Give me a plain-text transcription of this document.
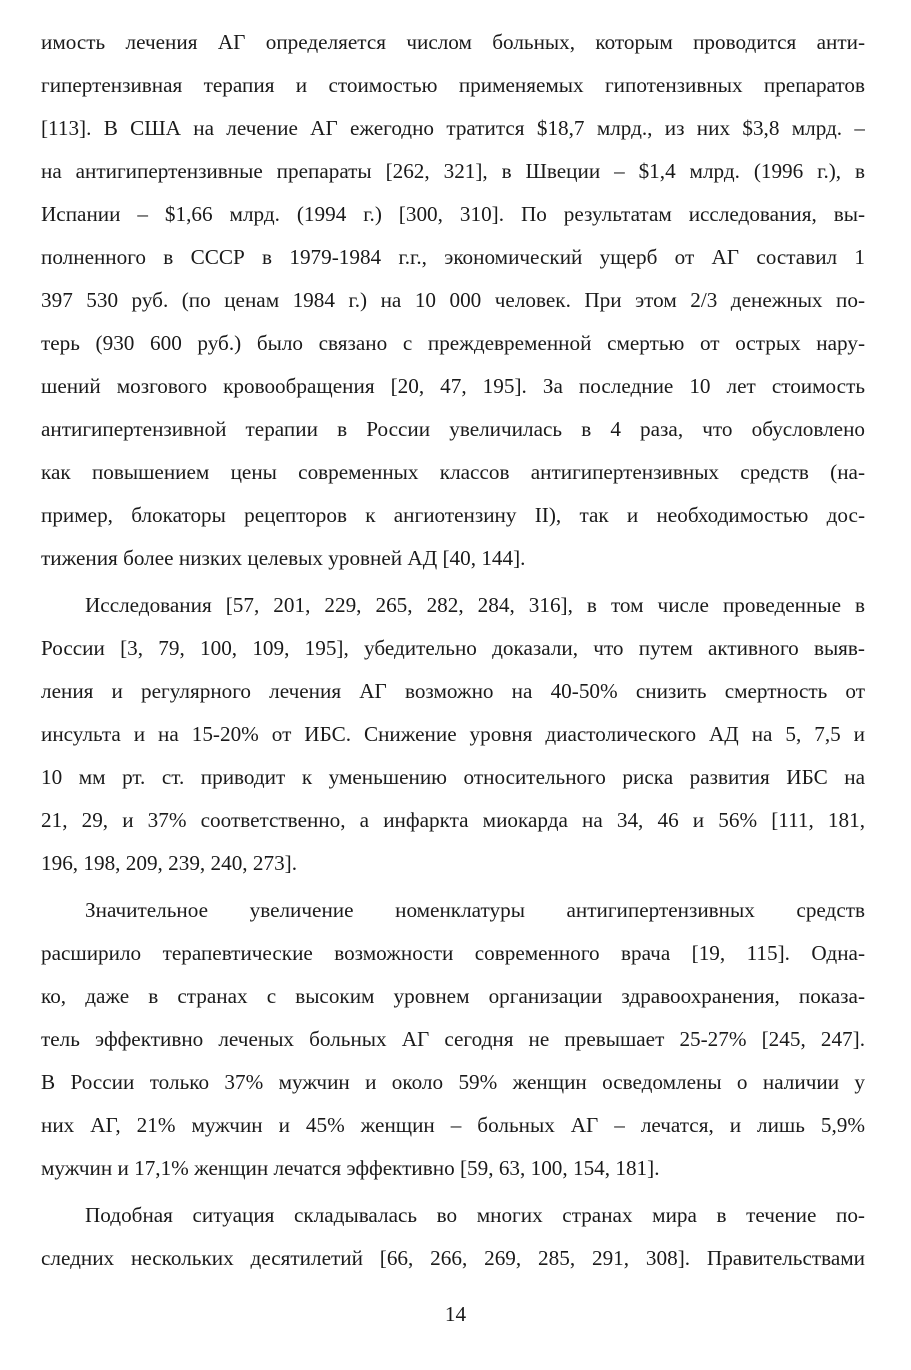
имость лечения АГ определяется числом больных, которым проводится анти-
гипертензивная терапия и стоимостью применяемых гипотензивных препаратов
[113]. В США на лечение АГ ежегодно тратится $18,7 млрд., из них $3,8 млрд. –
на антигипертензивные препараты [262, 321], в Швеции – $1,4 млрд. (1996 г.), в
Испании – $1,66 млрд. (1994 г.) [300, 310]. По результатам исследования, вы-
полненного в СССР в 1979-1984 г.г., экономический ущерб от АГ составил 1
397 530 руб. (по ценам 1984 г.) на 10 000 человек. При этом 2/3 денежных по-
терь (930 600 руб.) было связано с преждевременной смертью от острых нару-
шений мозгового кровообращения [20, 47, 195]. За последние 10 лет стоимость
антигипертензивной терапии в России увеличилась в 4 раза, что обусловлено
как повышением цены современных классов антигипертензивных средств (на-
пример, блокаторы рецепторов к ангиотензину II), так и необходимостью дос-
тижения более низких целевых уровней АД [40, 144].

Исследования [57, 201, 229, 265, 282, 284, 316], в том числе проведенные в
России [3, 79, 100, 109, 195], убедительно доказали, что путем активного выяв-
ления и регулярного лечения АГ возможно на 40-50% снизить смертность от
инсульта и на 15-20% от ИБС. Снижение уровня диастолического АД на 5, 7,5 и
10 мм рт. ст. приводит к уменьшению относительного риска развития ИБС на
21, 29, и 37% соответственно, а инфаркта миокарда на 34, 46 и 56% [111, 181,
196, 198, 209, 239, 240, 273].

Значительное увеличение номенклатуры антигипертензивных средств
расширило терапевтические возможности современного врача [19, 115]. Одна-
ко, даже в странах с высоким уровнем организации здравоохранения, показа-
тель эффективно леченых больных АГ сегодня не превышает 25-27% [245, 247].
В России только 37% мужчин и около 59% женщин осведомлены о наличии у
них АГ, 21% мужчин и 45% женщин – больных АГ – лечатся, и лишь 5,9%
мужчин и 17,1% женщин лечатся эффективно [59, 63, 100, 154, 181].

Подобная ситуация складывалась во многих странах мира в течение по-
следних нескольких десятилетий [66, 266, 269, 285, 291, 308]. Правительствами

14
